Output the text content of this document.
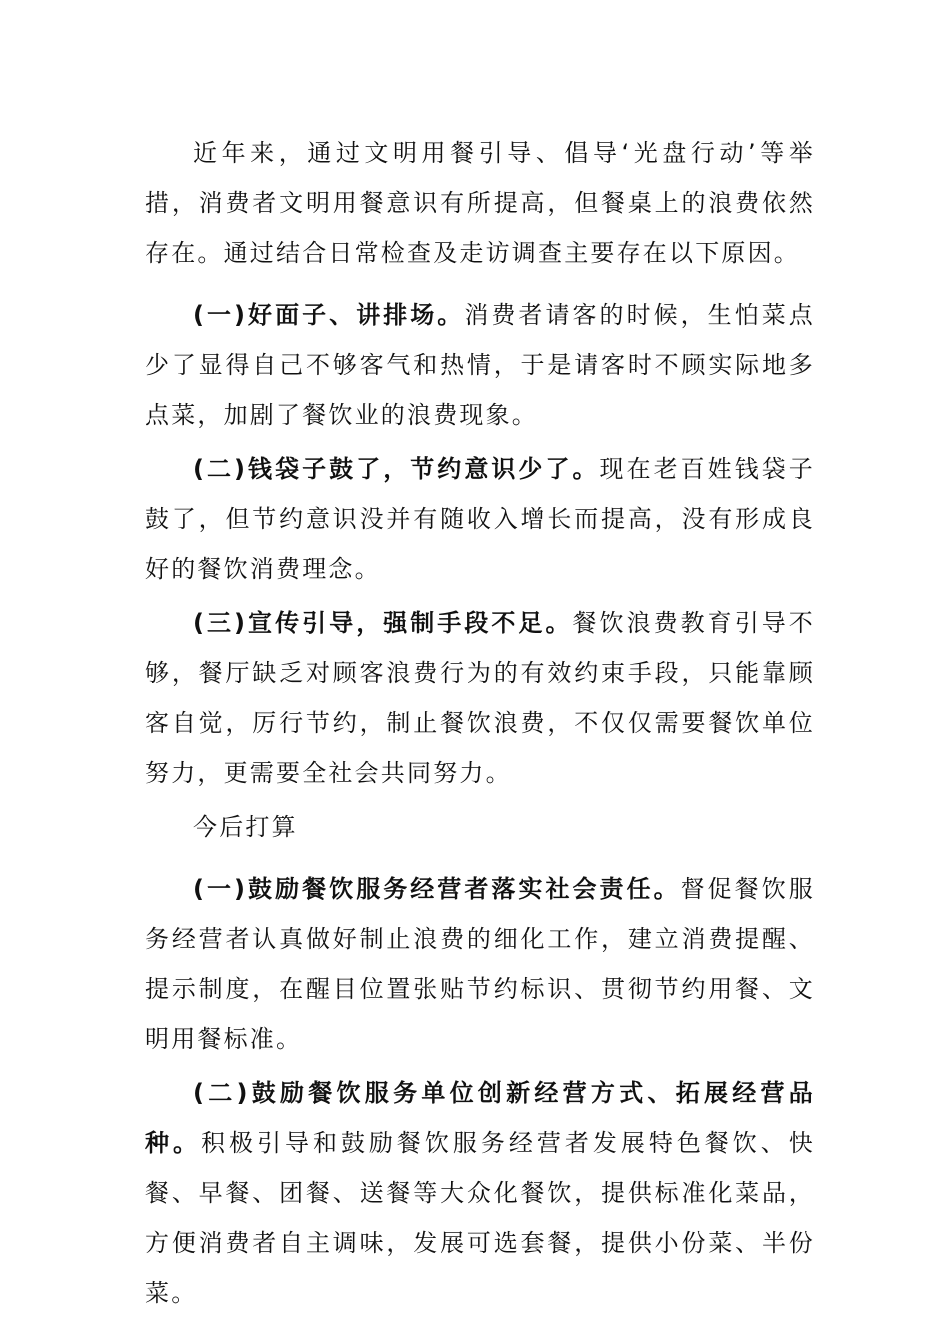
近年来，通过文明用餐引导、倡导‘光盘行动’等举措，消费者文明用餐意识有所提高，但餐桌上的浪费依然存在。通过结合日常检查及走访调查主要存在以下原因。

(一)好面子、讲排场。消费者请客的时候，生怕菜点少了显得自己不够客气和热情，于是请客时不顾实际地多点菜，加剧了餐饮业的浪费现象。

(二)钱袋子鼓了，节约意识少了。现在老百姓钱袋子鼓了，但节约意识没并有随收入增长而提高，没有形成良好的餐饮消费理念。

(三)宣传引导，强制手段不足。餐饮浪费教育引导不够，餐厅缺乏对顾客浪费行为的有效约束手段，只能靠顾客自觉，厉行节约，制止餐饮浪费，不仅仅需要餐饮单位努力，更需要全社会共同努力。

今后打算

(一)鼓励餐饮服务经营者落实社会责任。督促餐饮服务经营者认真做好制止浪费的细化工作，建立消费提醒、提示制度，在醒目位置张贴节约标识、贯彻节约用餐、文明用餐标准。

(二)鼓励餐饮服务单位创新经营方式、拓展经营品种。积极引导和鼓励餐饮服务经营者发展特色餐饮、快餐、早餐、团餐、送餐等大众化餐饮，提供标准化菜品，方便消费者自主调味，发展可选套餐，提供小份菜、半份菜。
